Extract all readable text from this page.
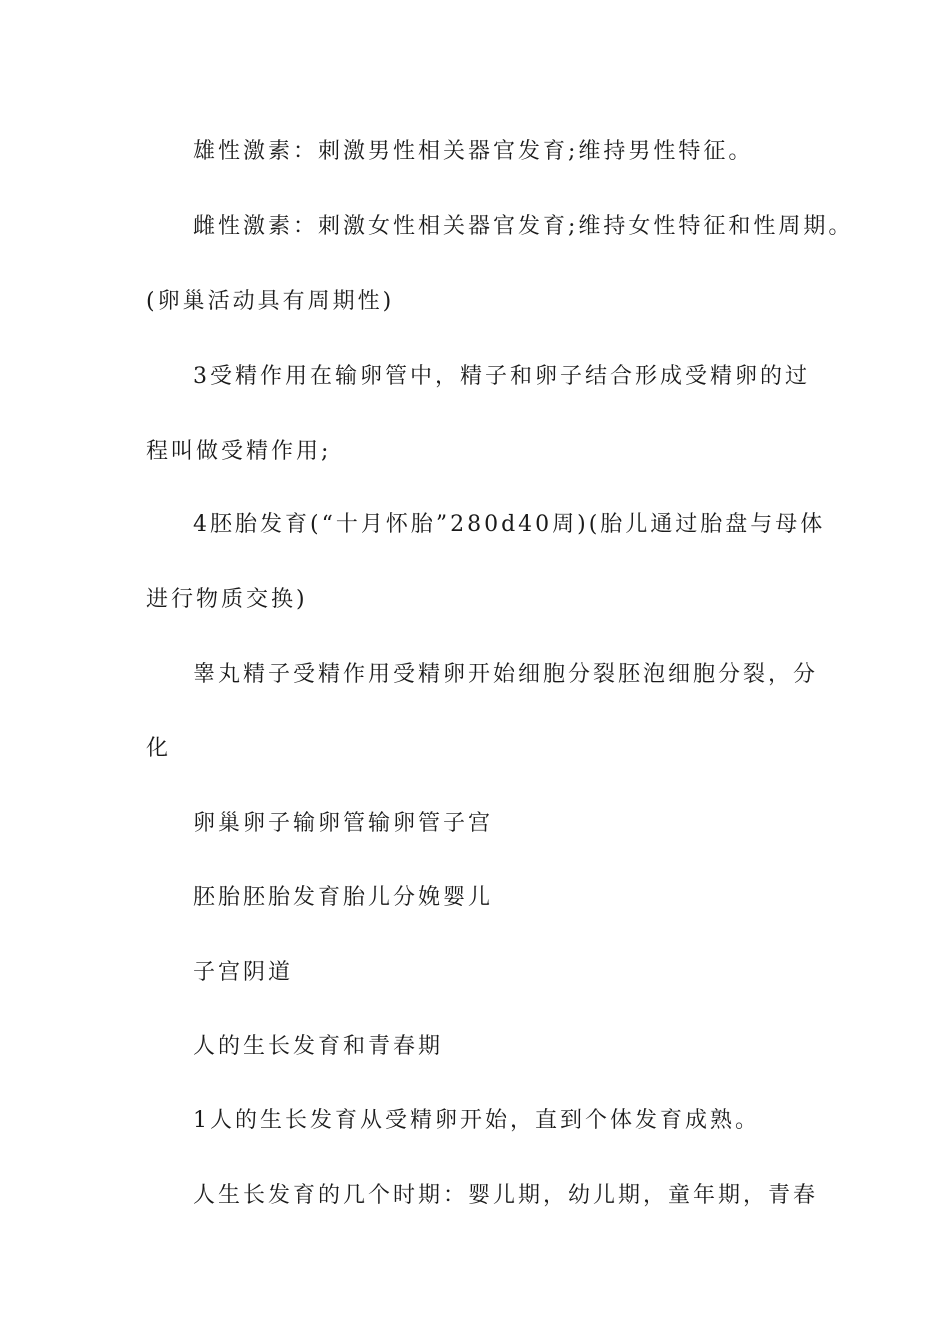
雄性激素：刺激男性相关器官发育;维持男性特征。
雌性激素：刺激女性相关器官发育;维持女性特征和性周期。
(卵巢活动具有周期性)
3受精作用在输卵管中，精子和卵子结合形成受精卵的过
程叫做受精作用;
4胚胎发育(“十月怀胎”280d40周)(胎儿通过胎盘与母体
进行物质交换)
睾丸精子受精作用受精卵开始细胞分裂胚泡细胞分裂，分
化
卵巢卵子输卵管输卵管子宫
胚胎胚胎发育胎儿分娩婴儿
子宫阴道
人的生长发育和青春期
1人的生长发育从受精卵开始，直到个体发育成熟。
人生长发育的几个时期：婴儿期，幼儿期，童年期，青春
